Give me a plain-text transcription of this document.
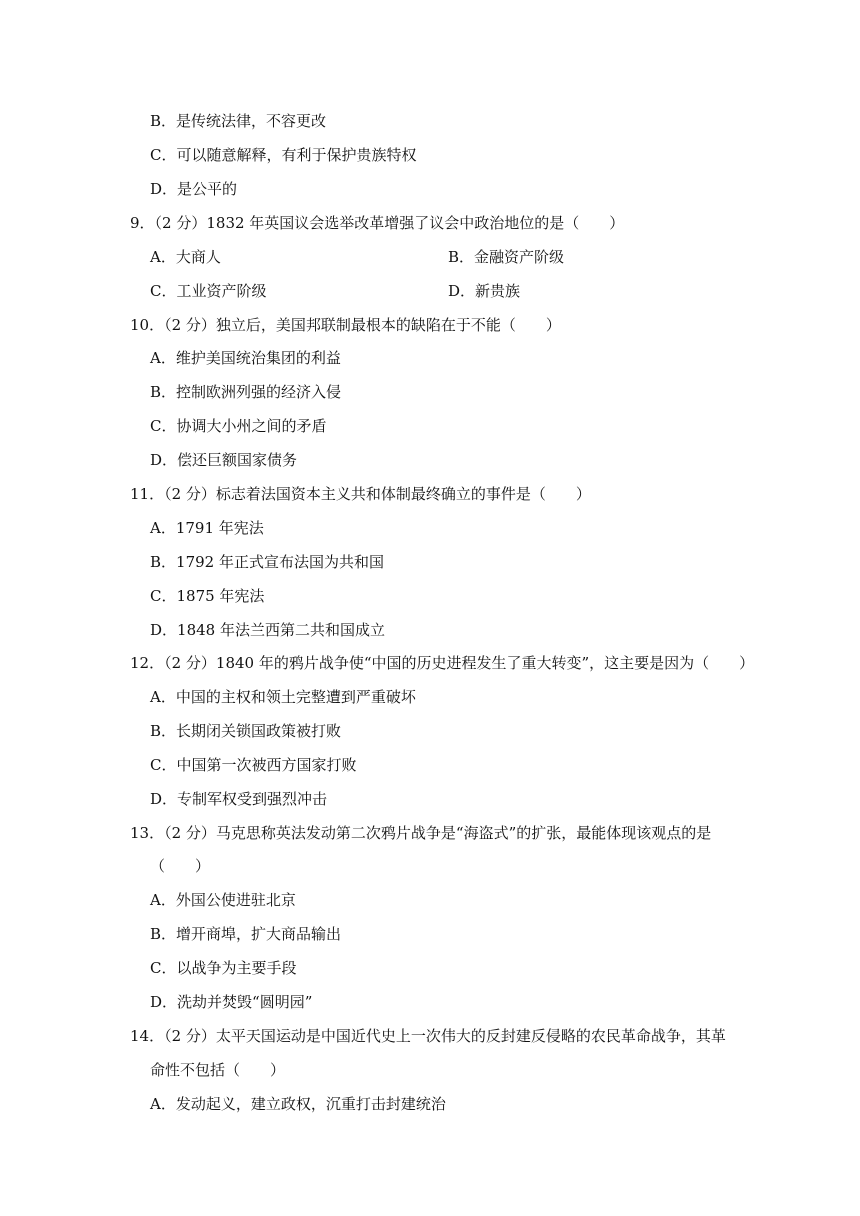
B．是传统法律，不容更改
C．可以随意解释，有利于保护贵族特权
D．是公平的
9．（2 分）1832 年英国议会选举改革增强了议会中政治地位的是（　　）
A．大商人	B．金融资产阶级
C．工业资产阶级	D．新贵族
10．（2 分）独立后，美国邦联制最根本的缺陷在于不能（　　）
A．维护美国统治集团的利益
B．控制欧洲列强的经济入侵
C．协调大小州之间的矛盾
D．偿还巨额国家债务
11．（2 分）标志着法国资本主义共和体制最终确立的事件是（　　）
A．1791 年宪法
B．1792 年正式宣布法国为共和国
C．1875 年宪法
D．1848 年法兰西第二共和国成立
12．（2 分）1840 年的鸦片战争使“中国的历史进程发生了重大转变”，这主要是因为（　　）
A．中国的主权和领土完整遭到严重破坏
B．长期闭关锁国政策被打败
C．中国第一次被西方国家打败
D．专制军权受到强烈冲击
13．（2 分）马克思称英法发动第二次鸦片战争是“海盗式”的扩张，最能体现该观点的是
（　　）
A．外国公使进驻北京
B．增开商埠，扩大商品输出
C．以战争为主要手段
D．洗劫并焚毁“圆明园”
14．（2 分）太平天国运动是中国近代史上一次伟大的反封建反侵略的农民革命战争，其革
命性不包括（　　）
A．发动起义，建立政权，沉重打击封建统治
